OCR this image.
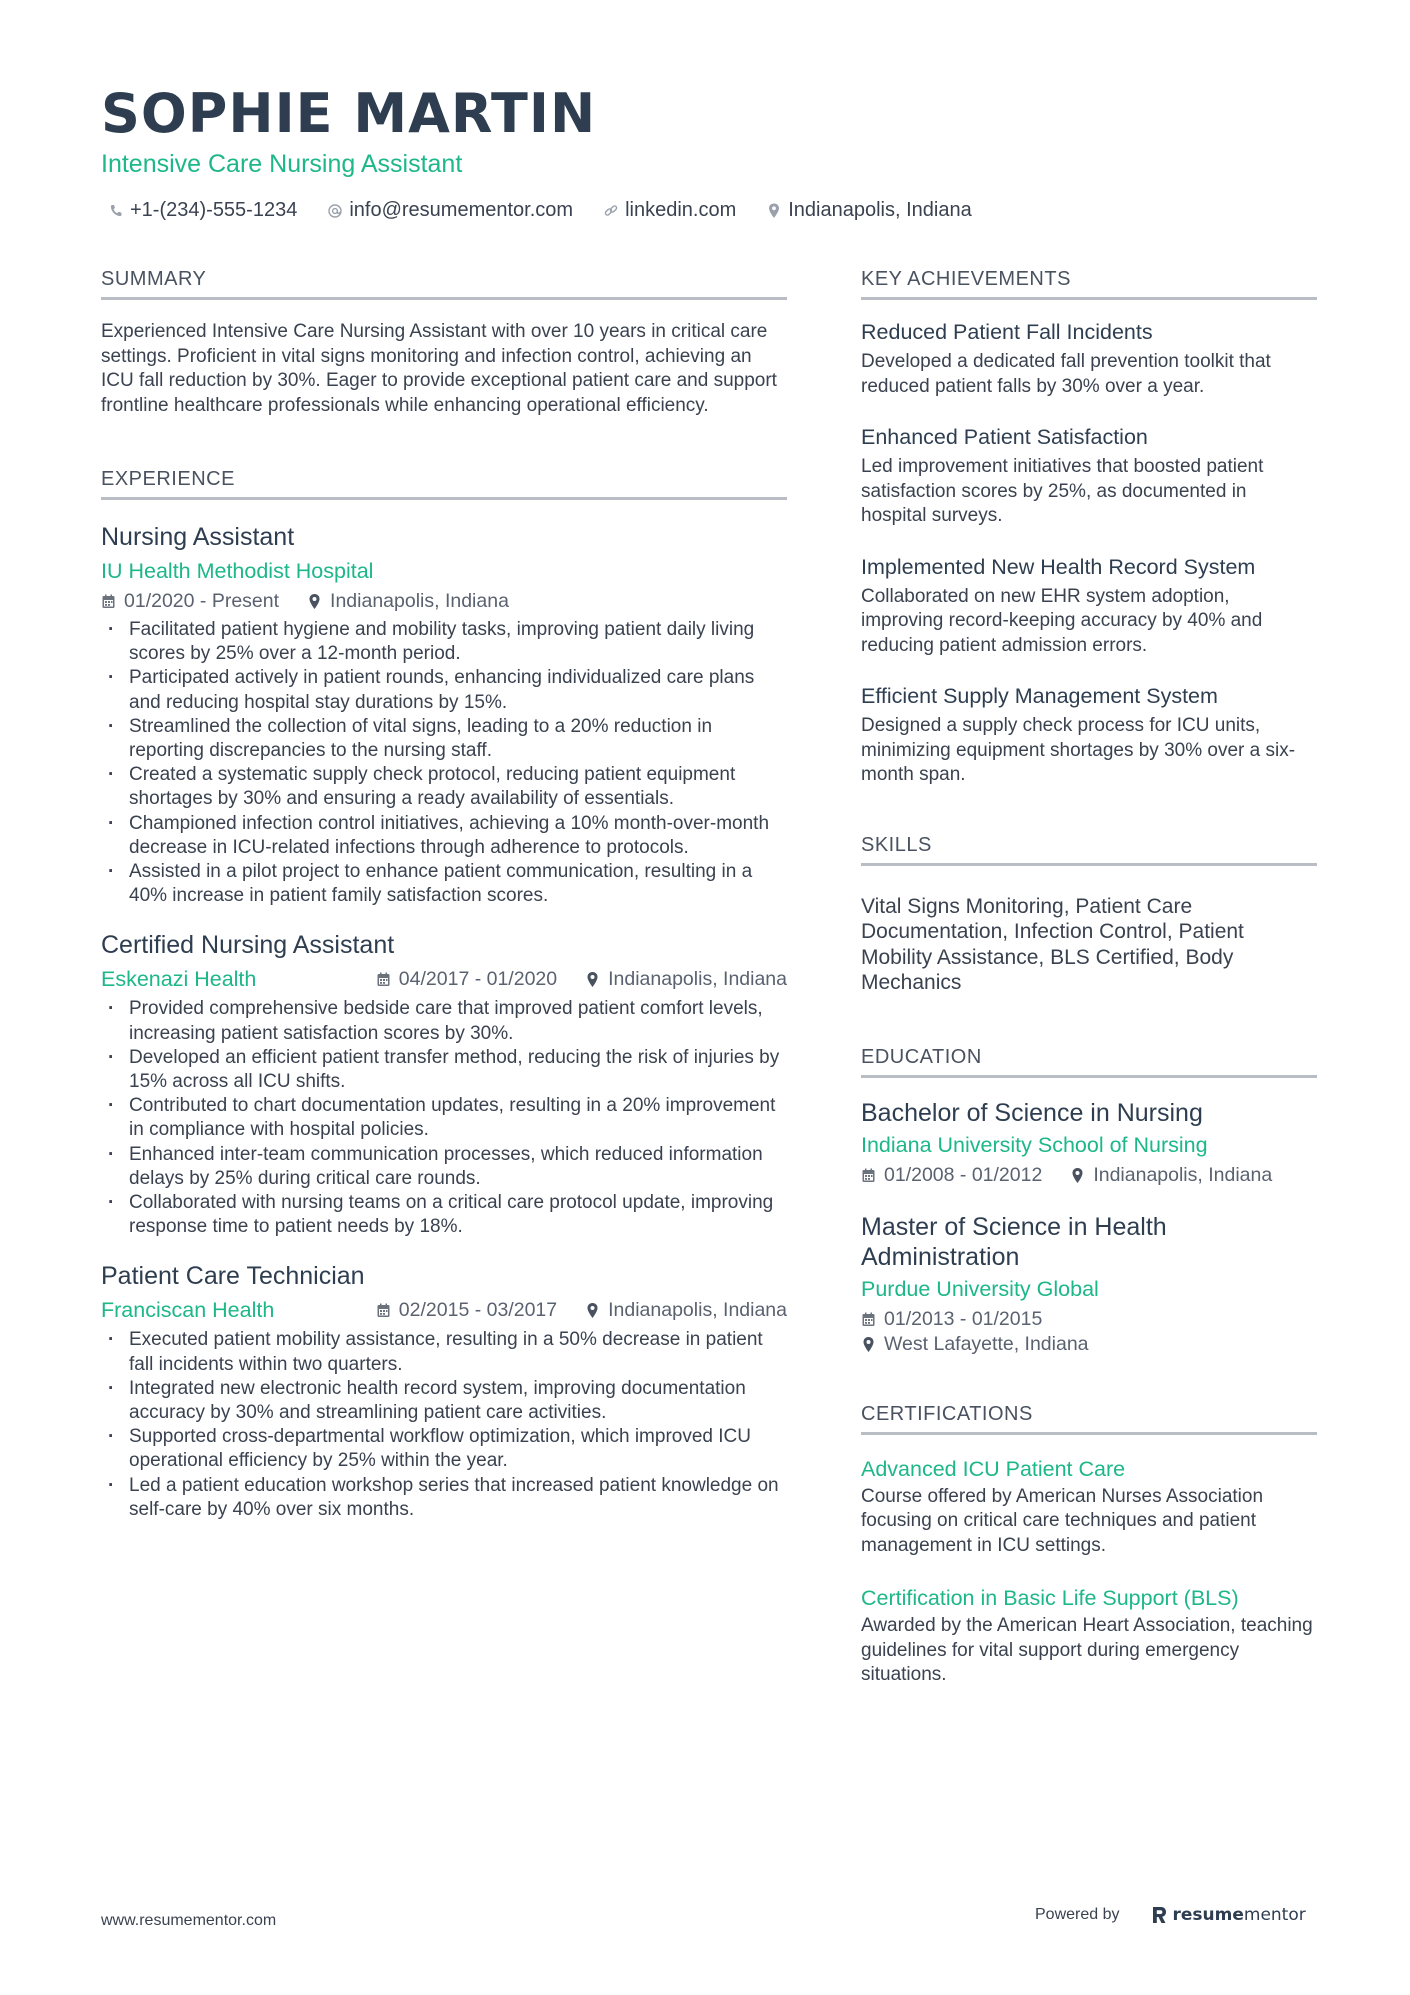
SOPHIE MARTIN
Intensive Care Nursing Assistant
+1-(234)-555-1234	info@resumementor.com	linkedin.com	Indianapolis, Indiana
SUMMARY
Experienced Intensive Care Nursing Assistant with over 10 years in critical care settings. Proficient in vital signs monitoring and infection control, achieving an ICU fall reduction by 30%. Eager to provide exceptional patient care and support frontline healthcare professionals while enhancing operational efficiency.
EXPERIENCE
Nursing Assistant
IU Health Methodist Hospital
01/2020 - Present	Indianapolis, Indiana
· Facilitated patient hygiene and mobility tasks, improving patient daily living scores by 25% over a 12-month period.
· Participated actively in patient rounds, enhancing individualized care plans and reducing hospital stay durations by 15%.
· Streamlined the collection of vital signs, leading to a 20% reduction in reporting discrepancies to the nursing staff.
· Created a systematic supply check protocol, reducing patient equipment shortages by 30% and ensuring a ready availability of essentials.
· Championed infection control initiatives, achieving a 10% month-over-month decrease in ICU-related infections through adherence to protocols.
· Assisted in a pilot project to enhance patient communication, resulting in a 40% increase in patient family satisfaction scores.
Certified Nursing Assistant
Eskenazi Health	04/2017 - 01/2020	Indianapolis, Indiana
· Provided comprehensive bedside care that improved patient comfort levels, increasing patient satisfaction scores by 30%.
· Developed an efficient patient transfer method, reducing the risk of injuries by 15% across all ICU shifts.
· Contributed to chart documentation updates, resulting in a 20% improvement in compliance with hospital policies.
· Enhanced inter-team communication processes, which reduced information delays by 25% during critical care rounds.
· Collaborated with nursing teams on a critical care protocol update, improving response time to patient needs by 18%.
Patient Care Technician
Franciscan Health	02/2015 - 03/2017	Indianapolis, Indiana
· Executed patient mobility assistance, resulting in a 50% decrease in patient fall incidents within two quarters.
· Integrated new electronic health record system, improving documentation accuracy by 30% and streamlining patient care activities.
· Supported cross-departmental workflow optimization, which improved ICU operational efficiency by 25% within the year.
· Led a patient education workshop series that increased patient knowledge on self-care by 40% over six months.
KEY ACHIEVEMENTS
Reduced Patient Fall Incidents
Developed a dedicated fall prevention toolkit that reduced patient falls by 30% over a year.
Enhanced Patient Satisfaction
Led improvement initiatives that boosted patient satisfaction scores by 25%, as documented in hospital surveys.
Implemented New Health Record System
Collaborated on new EHR system adoption, improving record-keeping accuracy by 40% and reducing patient admission errors.
Efficient Supply Management System
Designed a supply check process for ICU units, minimizing equipment shortages by 30% over a six-month span.
SKILLS
Vital Signs Monitoring, Patient Care Documentation, Infection Control, Patient Mobility Assistance, BLS Certified, Body Mechanics
EDUCATION
Bachelor of Science in Nursing
Indiana University School of Nursing
01/2008 - 01/2012	Indianapolis, Indiana
Master of Science in Health Administration
Purdue University Global
01/2013 - 01/2015
West Lafayette, Indiana
CERTIFICATIONS
Advanced ICU Patient Care
Course offered by American Nurses Association focusing on critical care techniques and patient management in ICU settings.
Certification in Basic Life Support (BLS)
Awarded by the American Heart Association, teaching guidelines for vital support during emergency situations.
www.resumementor.com	Powered by	resume mentor
